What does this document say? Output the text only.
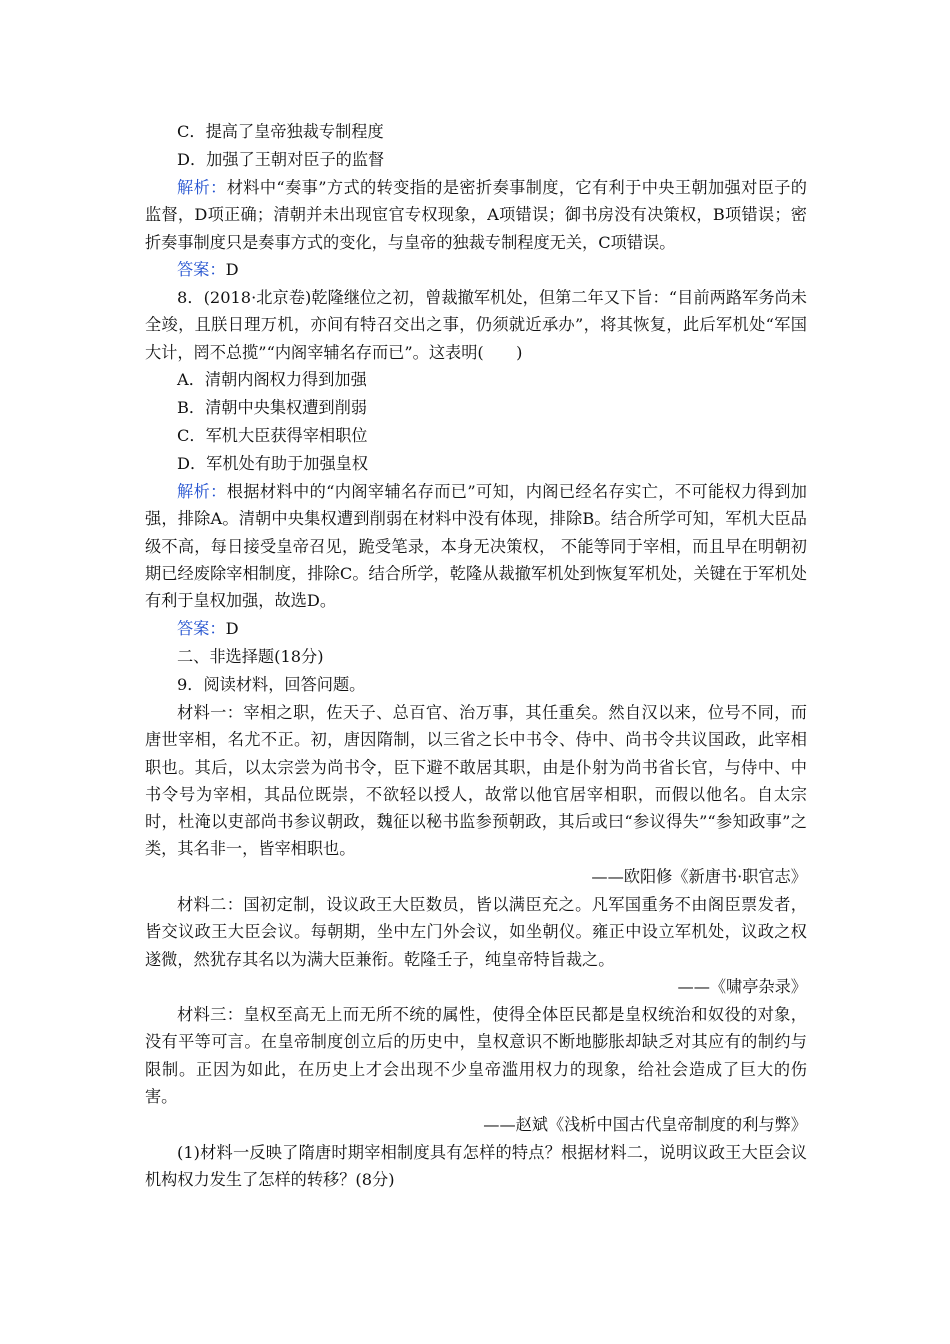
C．提高了皇帝独裁专制程度
D．加强了王朝对臣子的监督
解析：材料中“奏事”方式的转变指的是密折奏事制度，它有利于中央王朝加强对臣子的监督，D项正确；清朝并未出现宦官专权现象，A项错误；御书房没有决策权，B项错误；密折奏事制度只是奏事方式的变化，与皇帝的独裁专制程度无关，C项错误。
答案：D
8．(2018·北京卷)乾隆继位之初，曾裁撤军机处，但第二年又下旨：“目前两路军务尚未全竣，且朕日理万机，亦间有特召交出之事，仍须就近承办”，将其恢复，此后军机处“军国大计，罔不总揽”“内阁宰辅名存而已”。这表明(　　)
A．清朝内阁权力得到加强
B．清朝中央集权遭到削弱
C．军机大臣获得宰相职位
D．军机处有助于加强皇权
解析：根据材料中的“内阁宰辅名存而已”可知，内阁已经名存实亡，不可能权力得到加强，排除A。清朝中央集权遭到削弱在材料中没有体现，排除B。结合所学可知，军机大臣品级不高，每日接受皇帝召见，跪受笔录，本身无决策权， 不能等同于宰相，而且早在明朝初期已经废除宰相制度，排除C。结合所学，乾隆从裁撤军机处到恢复军机处，关键在于军机处有利于皇权加强，故选D。
答案：D
二、非选择题(18分)
9．阅读材料，回答问题。
材料一：宰相之职，佐天子、总百官、治万事，其任重矣。然自汉以来，位号不同，而唐世宰相，名尤不正。初，唐因隋制，以三省之长中书令、侍中、尚书令共议国政，此宰相职也。其后，以太宗尝为尚书令，臣下避不敢居其职，由是仆射为尚书省长官，与侍中、中书令号为宰相，其品位既崇，不欲轻以授人，故常以他官居宰相职，而假以他名。自太宗时，杜淹以吏部尚书参议朝政，魏征以秘书监参预朝政，其后或曰“参议得失”“参知政事”之类，其名非一，皆宰相职也。
——欧阳修《新唐书·职官志》
材料二：国初定制，设议政王大臣数员，皆以满臣充之。凡军国重务不由阁臣票发者，皆交议政王大臣会议。每朝期，坐中左门外会议，如坐朝仪。雍正中设立军机处，议政之权遂微，然犹存其名以为满大臣兼衔。乾隆壬子，纯皇帝特旨裁之。
——《啸亭杂录》
材料三：皇权至高无上而无所不统的属性，使得全体臣民都是皇权统治和奴役的对象，没有平等可言。在皇帝制度创立后的历史中，皇权意识不断地膨胀却缺乏对其应有的制约与限制。正因为如此，在历史上才会出现不少皇帝滥用权力的现象，给社会造成了巨大的伤害。
——赵斌《浅析中国古代皇帝制度的利与弊》
(1)材料一反映了隋唐时期宰相制度具有怎样的特点？根据材料二，说明议政王大臣会议机构权力发生了怎样的转移？(8分)
